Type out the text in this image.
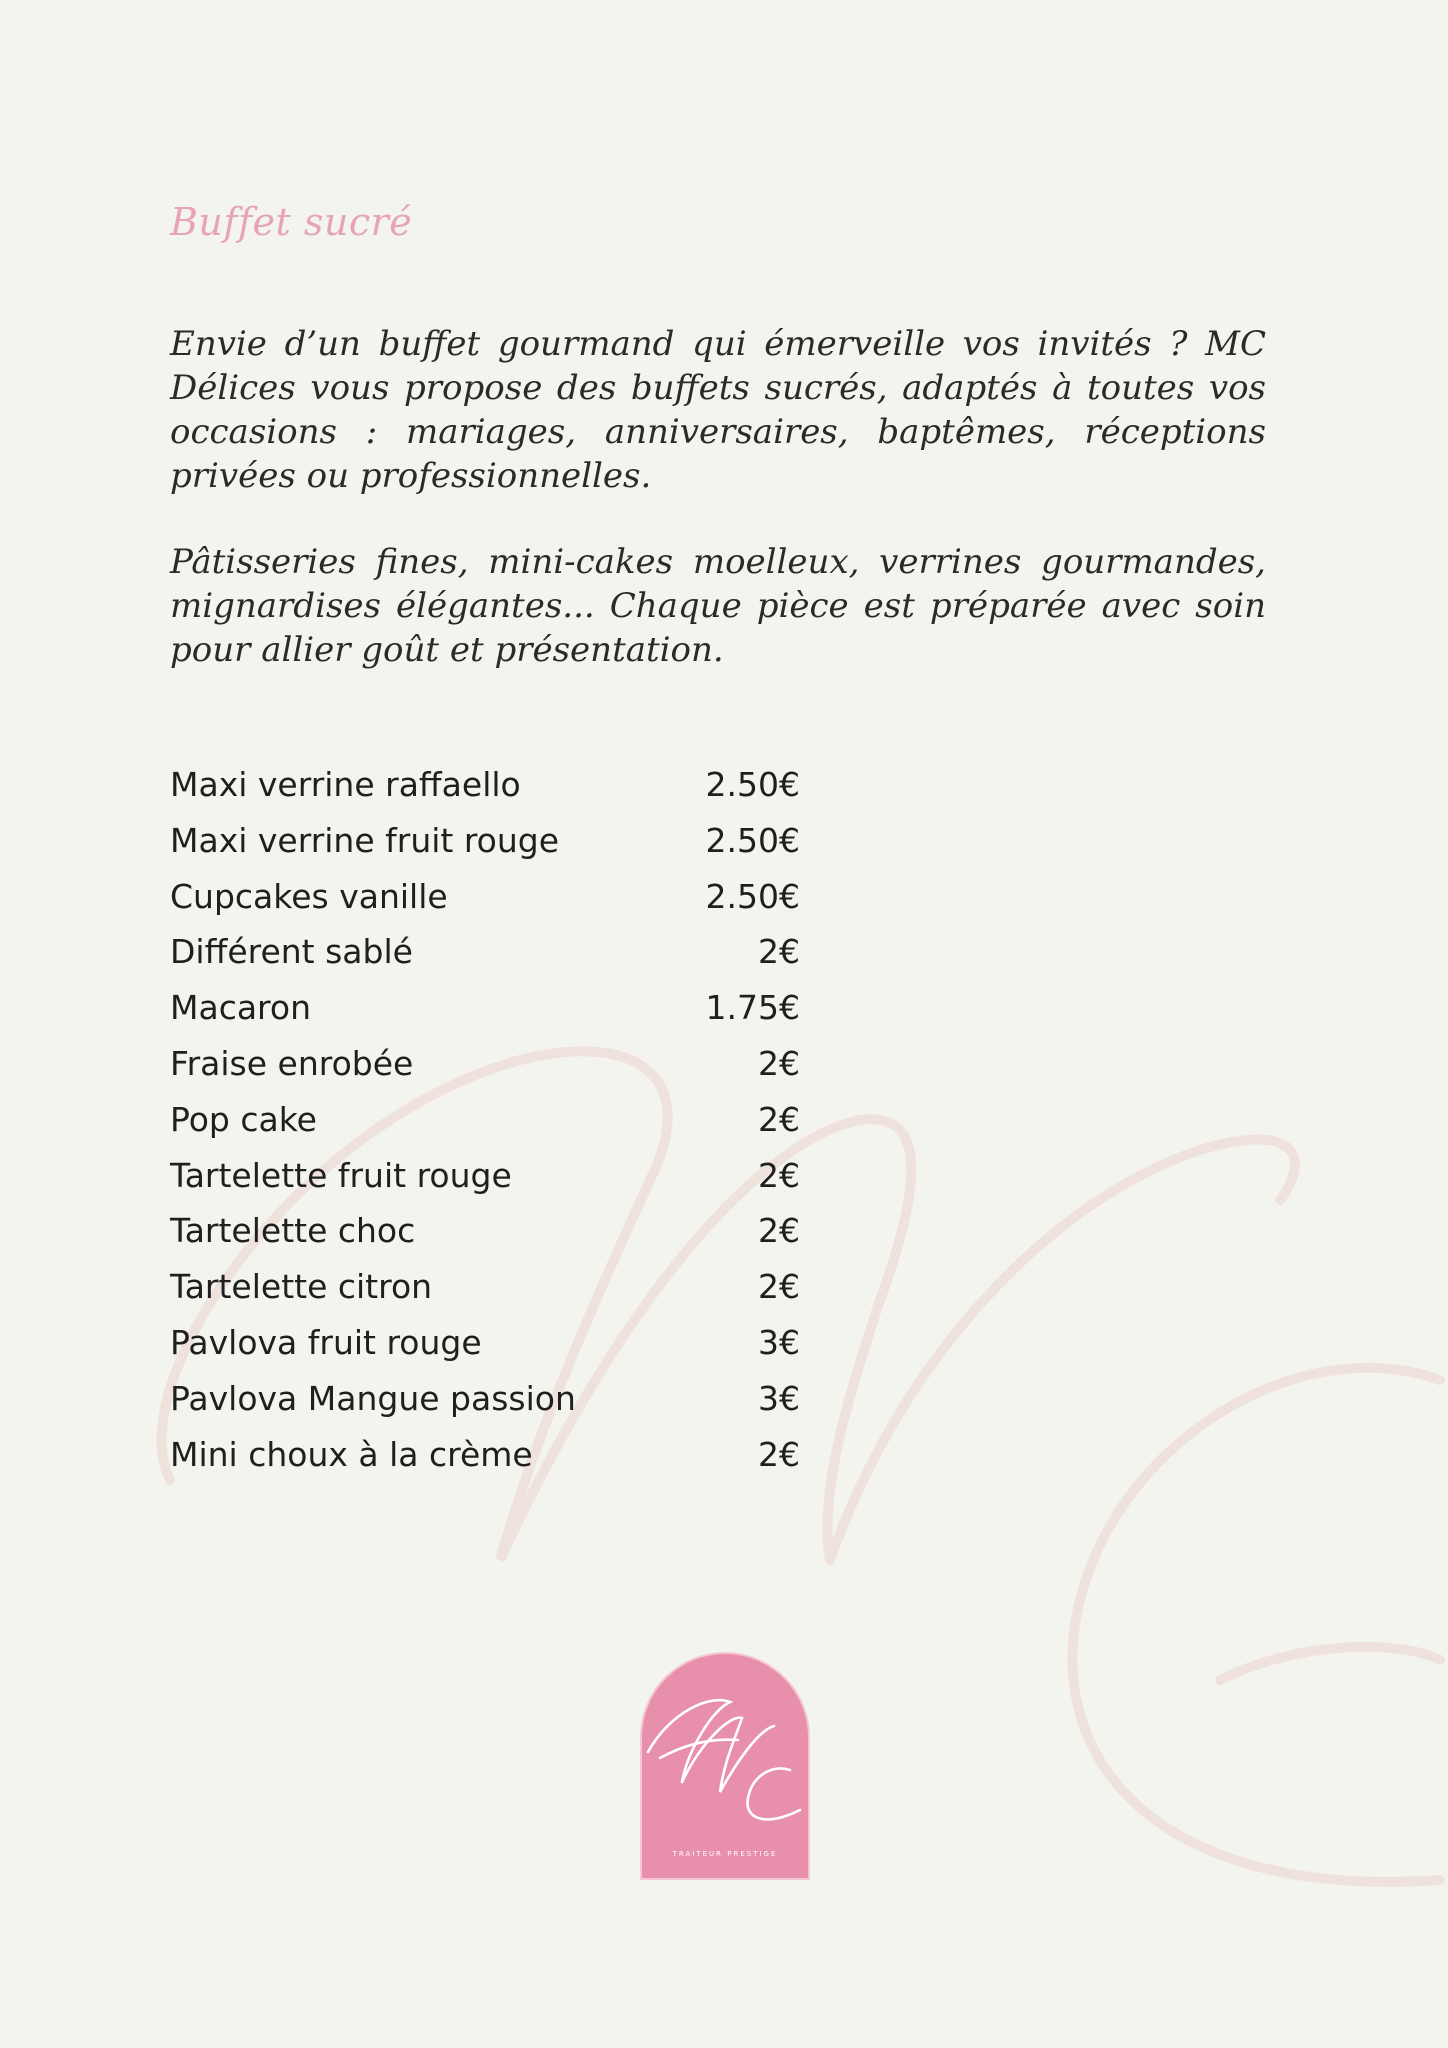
Buffet sucré

Envie d’un buffet gourmand qui émerveille vos invités ? MC Délices vous propose des buffets sucrés, adaptés à toutes vos occasions : mariages, anniversaires, baptêmes, réceptions privées ou professionnelles.

Pâtisseries fines, mini-cakes moelleux, verrines gourmandes, mignardises élégantes... Chaque pièce est préparée avec soin pour allier goût et présentation.

Maxi verrine raffaello	2.50€
Maxi verrine fruit rouge	2.50€
Cupcakes vanille	2.50€
Différent sablé	2€
Macaron	1.75€
Fraise enrobée	2€
Pop cake	2€
Tartelette fruit rouge	2€
Tartelette choc	2€
Tartelette citron	2€
Pavlova fruit rouge	3€
Pavlova Mangue passion	3€
Mini choux à la crème	2€
TRAITEUR PRESTIGE
